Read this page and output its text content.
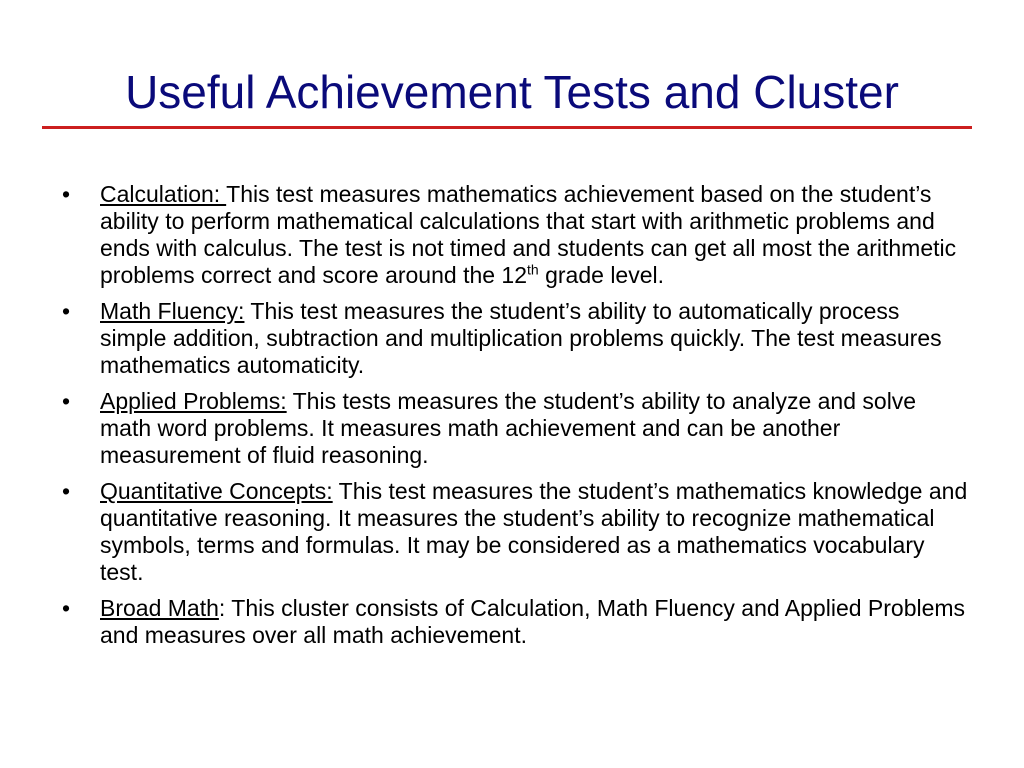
Useful Achievement Tests and Cluster
• Calculation: This test measures mathematics achievement based on the student’s ability to perform mathematical calculations that start with arithmetic problems and ends with calculus. The test is not timed and students can get all most the arithmetic problems correct and score around the 12th grade level.
• Math Fluency: This test measures the student’s ability to automatically process simple addition, subtraction and multiplication problems quickly. The test measures mathematics automaticity.
• Applied Problems: This tests measures the student’s ability to analyze and solve math word problems. It measures math achievement and can be another measurement of fluid reasoning.
• Quantitative Concepts: This test measures the student’s mathematics knowledge and quantitative reasoning. It measures the student’s ability to recognize mathematical symbols, terms and formulas. It may be considered as a mathematics vocabulary test.
• Broad Math: This cluster consists of Calculation, Math Fluency and Applied Problems and measures over all math achievement.
